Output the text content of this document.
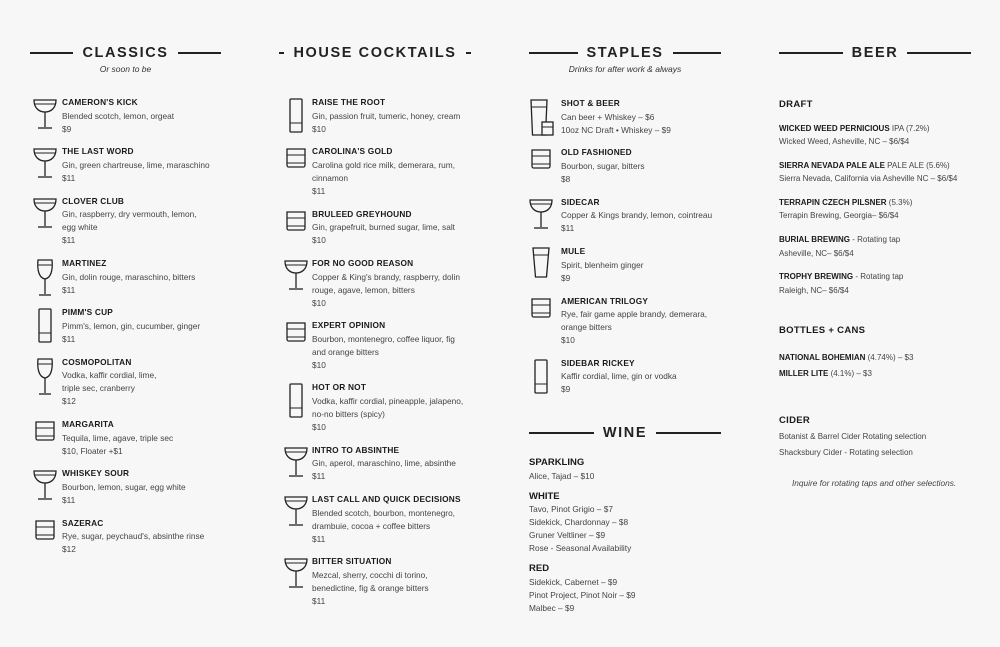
CLASSICS
Or soon to be
CAMERON'S KICK
Blended scotch, lemon, orgeat
$9
THE LAST WORD
Gin, green chartreuse, lime, maraschino
$11
CLOVER CLUB
Gin, raspberry, dry vermouth, lemon,
egg white
$11
MARTINEZ
Gin, dolin rouge, maraschino, bitters
$11
PIMM'S CUP
Pimm's, lemon, gin, cucumber, ginger
$11
COSMOPOLITAN
Vodka, kaffir cordial, lime,
triple sec, cranberry
$12
MARGARITA
Tequila, lime, agave, triple sec
$10, Floater +$1
WHISKEY SOUR
Bourbon, lemon, sugar, egg white
$11
SAZERAC
Rye, sugar, peychaud's, absinthe rinse
$12
HOUSE COCKTAILS
RAISE THE ROOT
Gin, passion fruit, tumeric, honey, cream
$10
CAROLINA'S GOLD
Carolina gold rice milk, demerara, rum,
cinnamon
$11
BRULEED GREYHOUND
Gin, grapefruit, burned sugar, lime, salt
$10
FOR NO GOOD REASON
Copper & King's brandy, raspberry, dolin
rouge, agave, lemon, bitters
$10
EXPERT OPINION
Bourbon, montenegro, coffee liquor, fig
and orange bitters
$10
HOT OR NOT
Vodka, kaffir cordial, pineapple, jalapeno,
no-no bitters (spicy)
$10
INTRO TO ABSINTHE
Gin, aperol, maraschino, lime, absinthe
$11
LAST CALL AND QUICK DECISIONS
Blended scotch, bourbon, montenegro,
drambuie, cocoa + coffee bitters
$11
BITTER SITUATION
Mezcal, sherry, cocchi di torino,
benedictine, fig & orange bitters
$11
STAPLES
Drinks for after work & always
SHOT & BEER
Can beer + Whiskey – $6
10oz NC Draft • Whiskey – $9
OLD FASHIONED
Bourbon, sugar, bitters
$8
SIDECAR
Copper & Kings brandy, lemon, cointreau
$11
MULE
Spirit, blenheim ginger
$9
AMERICAN TRILOGY
Rye, fair game apple brandy, demerara,
orange bitters
$10
SIDEBAR RICKEY
Kaffir cordial, lime, gin or vodka
$9
WINE
SPARKLING
Alice, Tajad – $10
WHITE
Tavo, Pinot Grigio – $7
Sidekick, Chardonnay – $8
Gruner Veltliner – $9
Rose - Seasonal Availability
RED
Sidekick, Cabernet – $9
Pinot Project, Pinot Noir – $9
Malbec – $9
BEER
DRAFT
WICKED WEED PERNICIOUS IPA (7.2%)
Wicked Weed, Asheville, NC – $6/$4
SIERRA NEVADA PALE ALE PALE ALE (5.6%)
Sierra Nevada, California via Asheville NC – $6/$4
TERRAPIN CZECH PILSNER (5.3%)
Terrapin Brewing, Georgia– $6/$4
BURIAL BREWING - Rotating tap
Asheville, NC– $6/$4
TROPHY BREWING - Rotating tap
Raleigh, NC– $6/$4
BOTTLES + CANS
NATIONAL BOHEMIAN (4.74%) – $3
MILLER LITE (4.1%) – $3
CIDER
Botanist & Barrel Cider Rotating selection
Shacksbury Cider - Rotating selection
Inquire for rotating taps and other selections.
